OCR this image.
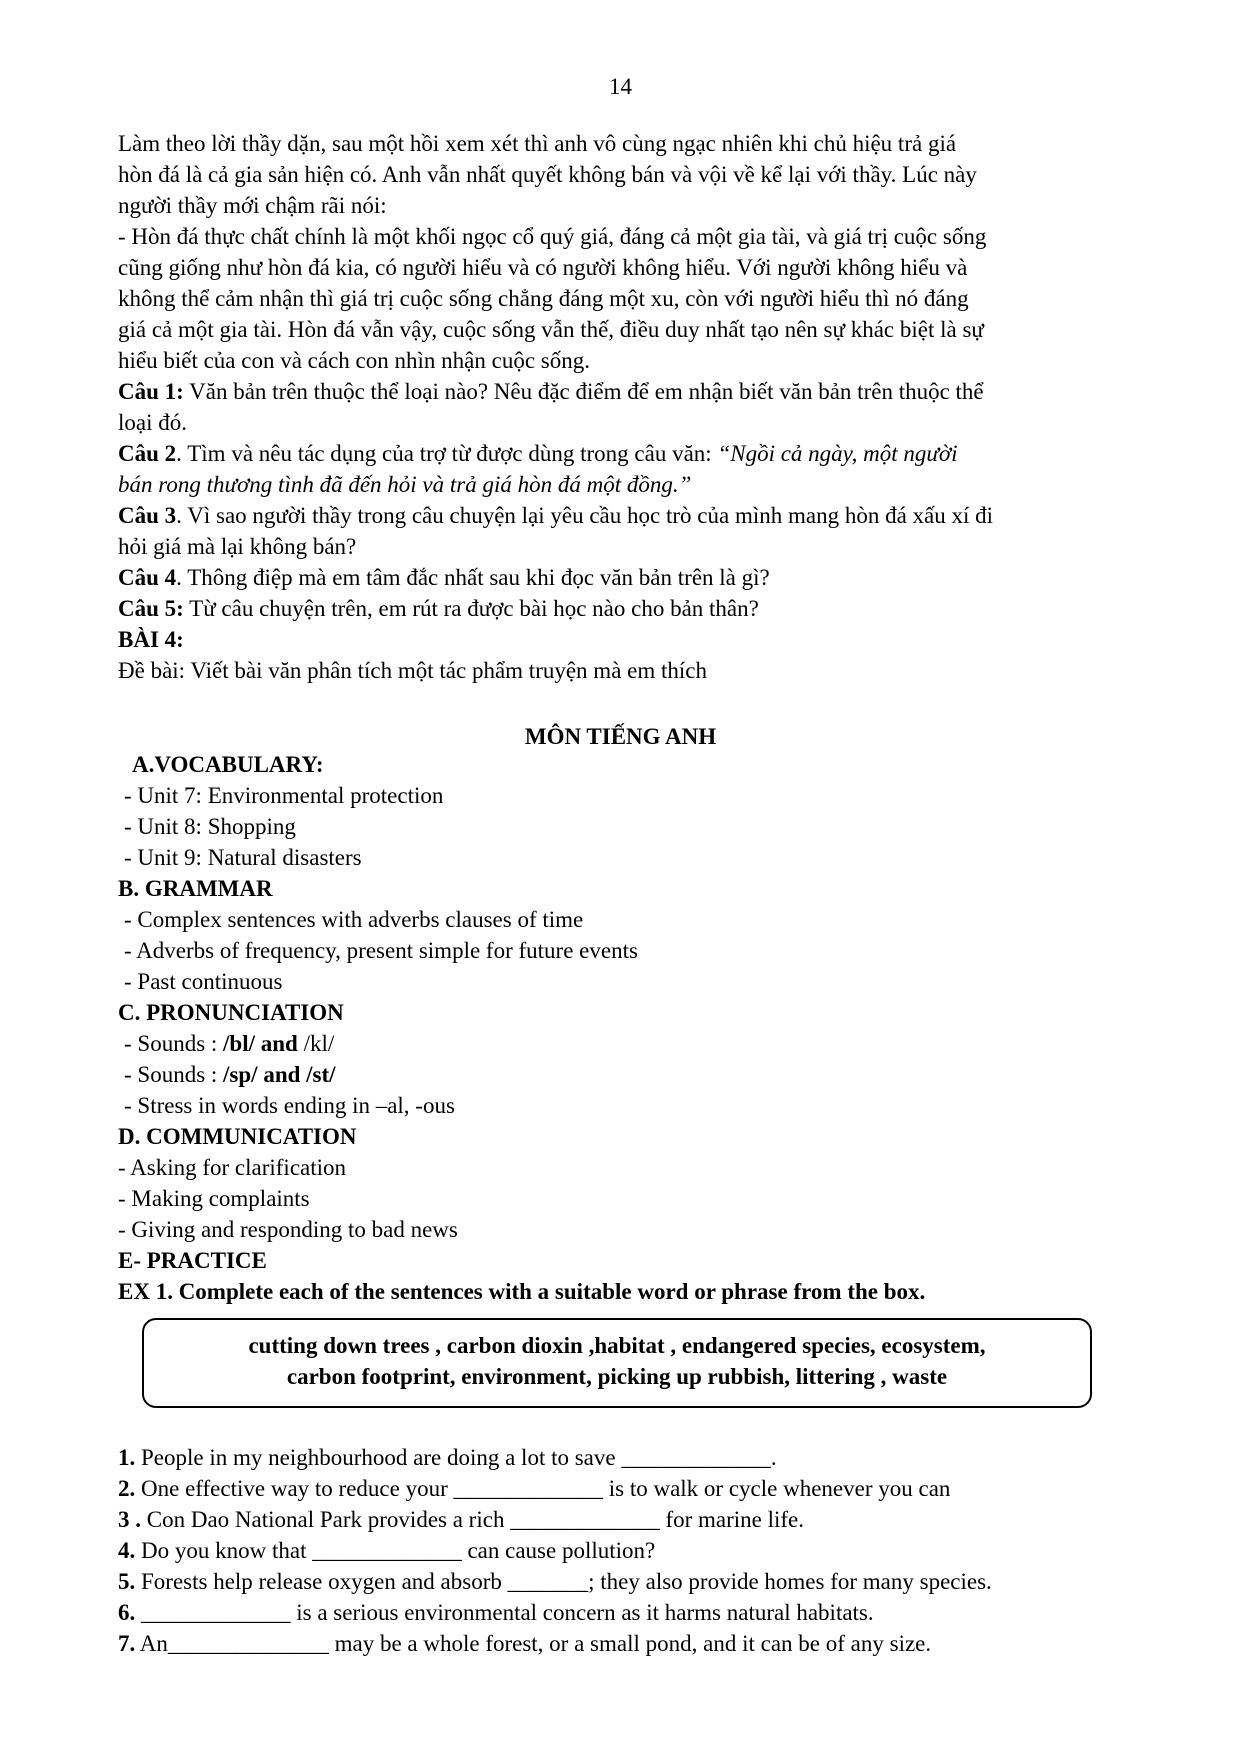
14
Làm theo lời thầy dặn, sau một hồi xem xét thì anh vô cùng ngạc nhiên khi chủ hiệu trả giá
hòn đá là cả gia sản hiện có. Anh vẫn nhất quyết không bán và vội về kể lại với thầy. Lúc này
người thầy mới chậm rãi nói:
- Hòn đá thực chất chính là một khối ngọc cổ quý giá, đáng cả một gia tài, và giá trị cuộc sống
cũng giống như hòn đá kia, có người hiểu và có người không hiểu. Với người không hiểu và
không thể cảm nhận thì giá trị cuộc sống chẳng đáng một xu, còn với người hiểu thì nó đáng
giá cả một gia tài. Hòn đá vẫn vậy, cuộc sống vẫn thế, điều duy nhất tạo nên sự khác biệt là sự
hiểu biết của con và cách con nhìn nhận cuộc sống.
Câu 1: Văn bản trên thuộc thể loại nào? Nêu đặc điểm để em nhận biết văn bản trên thuộc thể
loại đó.
Câu 2. Tìm và nêu tác dụng của trợ từ được dùng trong câu văn: “Ngồi cả ngày, một người
bán rong thương tình đã đến hỏi và trả giá hòn đá một đồng.”
Câu 3. Vì sao người thầy trong câu chuyện lại yêu cầu học trò của mình mang hòn đá xấu xí đi
hỏi giá mà lại không bán?
Câu 4. Thông điệp mà em tâm đắc nhất sau khi đọc văn bản trên là gì?
Câu 5: Từ câu chuyện trên, em rút ra được bài học nào cho bản thân?
BÀI 4:
Đề bài: Viết bài văn phân tích một tác phẩm truyện mà em thích
MÔN TIẾNG ANH
A.VOCABULARY:
- Unit 7: Environmental protection
- Unit 8: Shopping
- Unit 9: Natural disasters
B. GRAMMAR
- Complex sentences with adverbs clauses of time
- Adverbs of frequency, present simple for future events
- Past continuous
C. PRONUNCIATION
- Sounds : /bl/ and /kl/
- Sounds : /sp/ and /st/
- Stress in words ending in –al, -ous
D. COMMUNICATION
- Asking for clarification
- Making complaints
- Giving and responding to bad news
E- PRACTICE
EX 1. Complete each of the sentences with a suitable word or phrase from the box.
cutting down trees , carbon dioxin ,habitat , endangered species, ecosystem,
carbon footprint, environment, picking up rubbish, littering , waste
1. People in my neighbourhood are doing a lot to save _____________.
2. One effective way to reduce your _____________ is to walk or cycle whenever you can
3 . Con Dao National Park provides a rich _____________ for marine life.
4. Do you know that _____________ can cause pollution?
5. Forests help release oxygen and absorb _______; they also provide homes for many species.
6. _____________ is a serious environmental concern as it harms natural habitats.
7. An______________ may be a whole forest, or a small pond, and it can be of any size.
